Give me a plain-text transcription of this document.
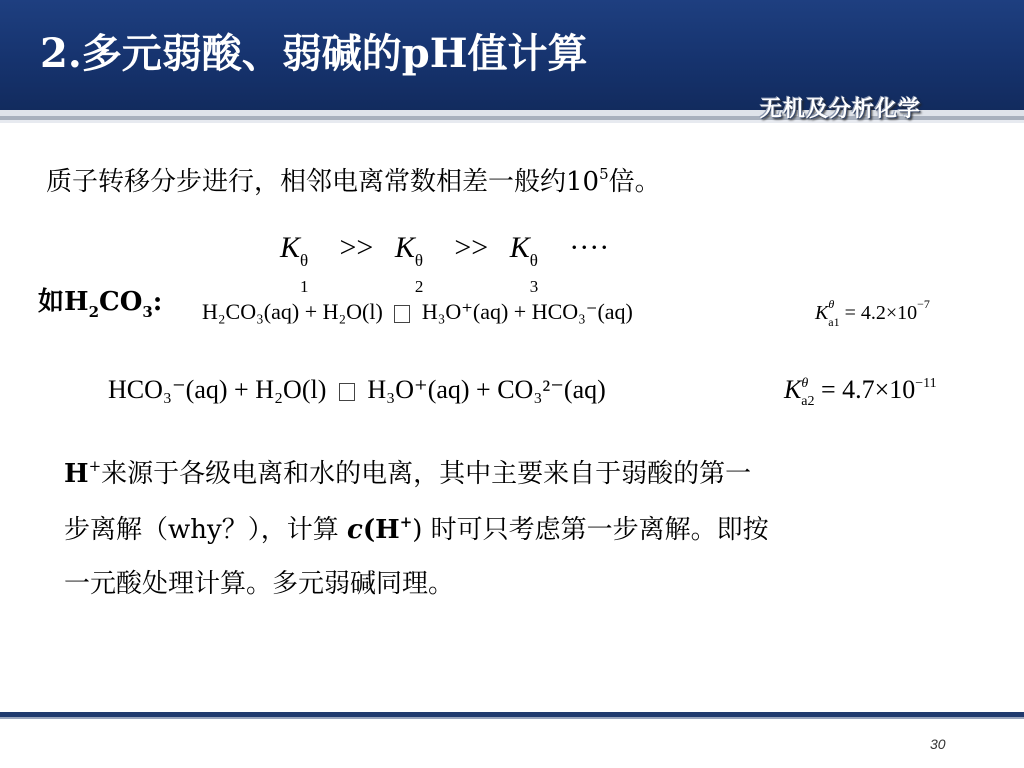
2.多元弱酸、弱碱的pH值计算
无机及分析化学
质子转移分步进行，相邻电离常数相差一般约$10^5$倍。
K θ
1
>> K θ
2
>> K θ
3
····
如$H_2CO_3$: H₂CO₃(aq) + H₂O(l) H₃O⁺(aq) + HCO₃⁻(aq)	$K^\theta_{a1} = 4.2\times 10^{-7}$
HCO₃⁻(aq) + H₂O(l) H₃O⁺(aq) + CO₃²⁻(aq)	$K^\theta_{a2} = 4.7\times 10^{-11}$
H+来源于各级电离和水的电离，其中主要来自于弱酸的第一
步离解（why？），计算 c(H+) 时可只考虑第一步离解。即按
一元酸处理计算。多元弱碱同理。
30
